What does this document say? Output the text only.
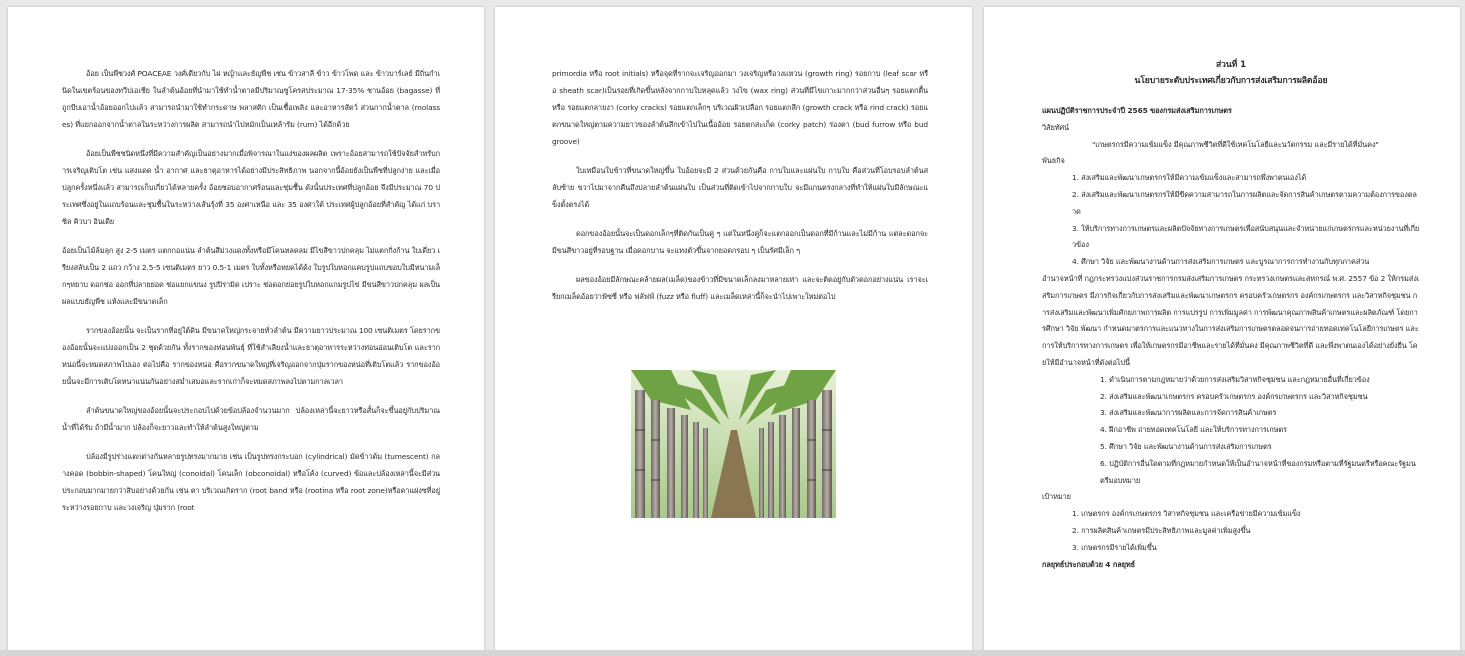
อ้อย เป็นพืชวงศ์ POACEAE วงศ์เดียวกับ ไผ่ หญ้าและธัญพืช เช่น ข้าวสาลี ข้าว ข้าวโพด และ ข้าวบาร์เลย์ มีถิ่นกำเนิดในเขตร้อนของทวีปเอเชีย ในลำต้นอ้อยที่นำมาใช้ทำน้ำตาลมีปริมาณซูโครสประมาณ 17-35% ชานอ้อย (bagasse) ที่ถูกบีบเอาน้ำอ้อยออกไปแล้ว สามารถนำมาใช้ทำกระดาษ พลาสติก เป็นเชื้อเพลิง และอาหารสัตว์ ส่วนกากน้ำตาล (molasses) ที่แยกออกจากน้ำตาลในระหว่างการผลิต สามารถนำไปหมักเป็นเหล้ารัม (rum) ได้อีกด้วย

อ้อยเป็นพืชชนิดหนึ่งที่มีความสำคัญเป็นอย่างมากเมื่อพิจารณาในแง่ของผลผลิต เพราะอ้อยสามารถใช้ปัจจัยสำหรับการเจริญเติบโต เช่น แสงแดด น้ำ อากาศ และธาตุอาหารได้อย่างมีประสิทธิภาพ นอกจากนี้อ้อยยังเป็นพืชที่ปลูกง่าย และเมื่อปลูกครั้งหนึ่งแล้ว สามารถเก็บเกี่ยวได้หลายครั้ง อ้อยชอบอากาศร้อนและชุ่มชื้น ดังนั้นประเทศที่ปลูกอ้อย จึงมีประมาณ 70 ประเทศซึ่งอยู่ในแถบร้อนและชุ่มชื้นในระหว่างเส้นรุ้งที่ 35 องศาเหนือ และ 35 องศาใต้ ประเทศผู้ปลูกอ้อยที่สำคัญ ได้แก่ บราซิล คิวบา อินเดีย

อ้อยเป็นไม้ล้มลุก สูง 2-5 เมตร แตกกอแน่น ลำต้นสีม่วงแดงทั้งหรือมีโคนหลดลม มีไขสีขาวปกคลุม ไม่แตกกิ่งก้าน ใบเดี่ยว เรียงสลับเป็น 2 แถว กว้าง 2.5-5 เซนติเมตร ยาว 0.5-1 เมตร ใบทั้งหรือหยดได้ด้ง ใบรูปใบหอกแคบรูปแถบขอบใบมีหนามเล็กๆหยาบ ดอกช่อ ออกที่ปลายยอด ช่อแยกแขนง รูปปิรามิด เปราะ ช่อดอกย่อยรูปใบหอกแกมรูปไข่ มีขนสีขาวปกคลุม ผลเป็นผลแบบธัญพืช แห้งและมีขนาดเล็ก

รากของอ้อยนั้น จะเป็นรากที่อยู่ใต้ดิน มีขนาดใหญ่กระจายทั่วลำต้น มีความยาวประมาณ 100 เซนติเมตร โดยรากของอ้อยนั้นจะแบ่งออกเป็น 2 ชุดด้วยกัน ทั้งรากของท่อนพันธุ์ ที่ใช้สำเลียงน้ำและธาตุอาหารระหว่างท่อนอ่อนเติบโต และรากหน่อนี้จะหมดสภาพไปเอง ต่อไปคือ รากของหน่อ คือรากขนาดใหญ่ที่เจริญออกจากปุ่มรากของหน่อที่เติบโตแล้ว รากของอ้อยนั้นจะมีการเติบโตหนาแน่นกันอย่างสม่ำเสมอและรากเก่าก็จะหมดสภาพลงไปตามกาลเวลา

ลำต้นขนาดใหญ่ของอ้อยนั้นจะประกอบไปด้วยข้อปล้องจำนวนมาก ปล้องเหล่านี้จะยาวหรือสั้นก็จะขึ้นอยู่กับปริมาณน้ำที่ได้รับ ถ้ามีน้ำมาก ปล้องก็จะยาวและทำให้ลำต้นสูงใหญ่ตาม

ปล้องมีรูปร่างแตกต่างกันหลายรูปทรงมากมาย เช่น เป็นรูปทรงกระบอก (cylindrical) มัดข้าวต้ม (tumescent) กลางคอด (bobbin-shaped) โคนใหญ่ (conoidal) โคนเล็ก (obconoidal) หรือโค้ง (curved) ข้อและปล้องเหล่านี้จะมีส่วนประกอบมากมายกว่าสิบอย่างด้วยกัน เช่น ตา บริเวณเกิดราก (root band หรือ (rootina หรือ root zone)หรือตาแฝงซที่อยู่ระหว่างรอยกาบ และวงเจริญ ปุ่มราก (root

primordia หรือ root initials) หรือจุดที่รากจะเจริญออกมา วงเจริญหรือวงแหวน (growth ring) รอยกาบ (leaf scar หรือ sheath scar)เป็นรอยที่เกิดขึ้นหลังจากกาบใบหลุดแล้ว วงไข (wax ring) ส่วนที่มีไขเกาะมากกว่าส่วนอื่นๆ รอยแตกตื้น หรือ รอยแตกลายงา (corky cracks) รอยแตกเล็กๆ บริเวณผิวเปลือก รอยแตกลึก (growth crack หรือ rind crack) รอยแตกขนาดใหญ่ตามความยาวของลำต้นลึกเข้าไปในเนื้ออ้อย รอยตกสะเก็ด (corky patch) ร่องตา (bud furrow หรือ bud groove)

ใบเหมือนใบข้าวที่ขนาดใหญ่ขึ้น ใบอ้อยจะมี 2 ส่วนด้วยกันคือ กาบใบและแผ่นใบ กาบใบ คือส่วนที่โอบรอบลำต้นสลับซ้าย ขวาไปมาจากคืนถึงปลายลำต้นแผ่นใบ เป็นส่วนที่ติดเข้าไปจากกาบใบ จะมีแกนตรงกลางที่ทำให้แผ่นใบมีลักษณะแข็งตั้งตรงได้

ดอกของอ้อยนั้นจะเป็นดอกเล็กๆที่ติดกันเป็นคู่ ๆ แต่ในหนึ่งคู่ก็จะแตกออกเป็นดอกที่มีก้านและไม่มีก้าน แต่ละดอกจะมีขนสีขาวอยู่ที่รอบฐาน เมื่อดอกบาน จะแทงตัวขึ้นจากยอดกรอบ ๆ เป็นรัศมีเล็ก ๆ

ผลของอ้อยมีลักษณะคล้ายผล(เมล็ด)ของข้าวที่มีขนาดเล็กลงมาหลายเท่า และจะติดอยู่กับตัวดอกอย่างแน่น เราจะเรียกเมล็ดอ้อยว่าฟัซซี่ หรือ ฟลัฟฟ์ (fuzz หรือ fluff) และเมล็ดเหล่านี้ก็จะนำไปเพาะใหม่ต่อไป

ส่วนที่ 1
นโยบายระดับประเทศเกี่ยวกับการส่งเสริมการผลิตอ้อย
แผนปฏิบัติราชการประจำปี 2565 ของกรมส่งเสริมการเกษตร
วิสัยทัศน์
"เกษตรกรมีความเข้มแข็ง มีคุณภาพชีวิตที่ดีใช้เทคโนโลยีและนวัตกรรม และมีรายได้ที่มั่นคง"
พันธกิจ
1. ส่งเสริมและพัฒนาเกษตรกรให้มีความเข้มแข็งและสามารถพึ่งพาตนเองได้
2. ส่งเสริมและพัฒนาเกษตรกรให้มีขีดความสามารถในการผลิตและจัดการสินค้าเกษตรตามความต้องการของตลาด
3. ให้บริการทางการเกษตรและผลิตปัจจัยทางการเกษตรเพื่อสนับสนุนและจำหน่ายแก่เกษตรกรและหน่วยงานที่เกี่ยวข้อง
4. ศึกษา วิจัย และพัฒนางานด้านการส่งเสริมการเกษตร และบูรณาการการทำงานกับทุกภาคส่วน
อำนาจหน้าที่ กฎกระทรวงแบ่งส่วนราชการกรมส่งเสริมการเกษตร กระทรวงเกษตรและสหกรณ์ พ.ศ. 2557 ข้อ 2 ให้กรมส่งเสริมการเกษตร มีภารกิจเกี่ยวกับการส่งเสริมและพัฒนาเกษตรกร ครอบครัวเกษตรกร องค์กรเกษตรกร และวิสาหกิจชุมชน การส่งเสริมและพัฒนาเพิ่มศักยภาพการผลิต การแปรรูป การเพิ่มมูลค่า การพัฒนาคุณภาพสินค้าเกษตรและผลิตภัณฑ์ โดยการศึกษา วิจัย พัฒนา กำหนดมาตรการและแนวทางในการส่งเสริมการเกษตรตลอดจนการถ่ายทอดเทคโนโลยีการเกษตร และการให้บริการทางการเกษตร เพื่อให้เกษตรกรมีอาชีพและรายได้ที่มั่นคง มีคุณภาพชีวิตที่ดี และพึ่งพาตนเองได้อย่างยั่งยืน โดยให้มีอำนาจหน้าที่ดังต่อไปนี้
1. ดำเนินการตามกฎหมายว่าด้วยการส่งเสริมวิสาหกิจชุมชน และกฎหมายอื่นที่เกี่ยวข้อง
2. ส่งเสริมและพัฒนาเกษตรกร ครอบครัวเกษตรกร องค์กรเกษตรกร และวิสาหกิจชุมชน
3. ส่งเสริมและพัฒนาการผลิตและการจัดการสินค้าเกษตร
4. ฝึกอาชีพ ถ่ายทอดเทคโนโลยี และให้บริการทางการเกษตร
5. ศึกษา วิจัย และพัฒนางานด้านการส่งเสริมการเกษตร
6. ปฏิบัติการอื่นใดตามที่กฎหมายกำหนดให้เป็นอำนาจหน้าที่ของกรมหรือตามที่รัฐมนตรีหรือคณะรัฐมนตรีมอบหมาย
เป้าหมาย
1. เกษตรกร องค์กรเกษตรกร วิสาหกิจชุมชน และเครือข่ายมีความเข้มแข็ง
2. การผลิตสินค้าเกษตรมีประสิทธิภาพและมูลค่าเพิ่มสูงขึ้น
3. เกษตรกรมีรายได้เพิ่มขึ้น
กลยุทธ์ประกอบด้วย 4 กลยุทธ์
